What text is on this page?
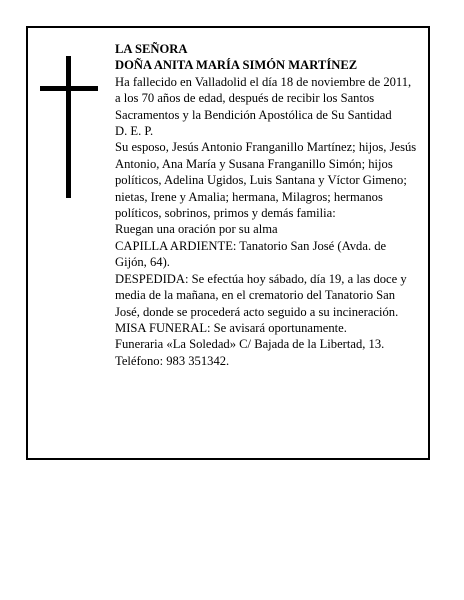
LA SEÑORA

DOÑA ANITA MARÍA SIMÓN MARTÍNEZ

Ha fallecido en Valladolid el día 18 de noviembre de 2011, a los 70 años de edad, después de recibir los Santos Sacramentos y la Bendición Apostólica de Su Santidad

D. E. P.

Su esposo, Jesús Antonio Franganillo Martínez; hijos, Jesús Antonio, Ana María y Susana Franganillo Simón; hijos políticos, Adelina Ugidos, Luis Santana y Víctor Gimeno; nietas, Irene y Amalia; hermana, Milagros; hermanos políticos, sobrinos, primos y demás familia:

Ruegan una oración por su alma

CAPILLA ARDIENTE: Tanatorio San José (Avda. de Gijón, 64).

DESPEDIDA: Se efectúa hoy sábado, día 19, a las doce y media de la mañana, en el crematorio del Tanatorio San José, donde se procederá acto seguido a su incineración. MISA FUNERAL: Se avisará oportunamente.

Funeraria «La Soledad» C/ Bajada de la Libertad, 13. Teléfono: 983 351342.
